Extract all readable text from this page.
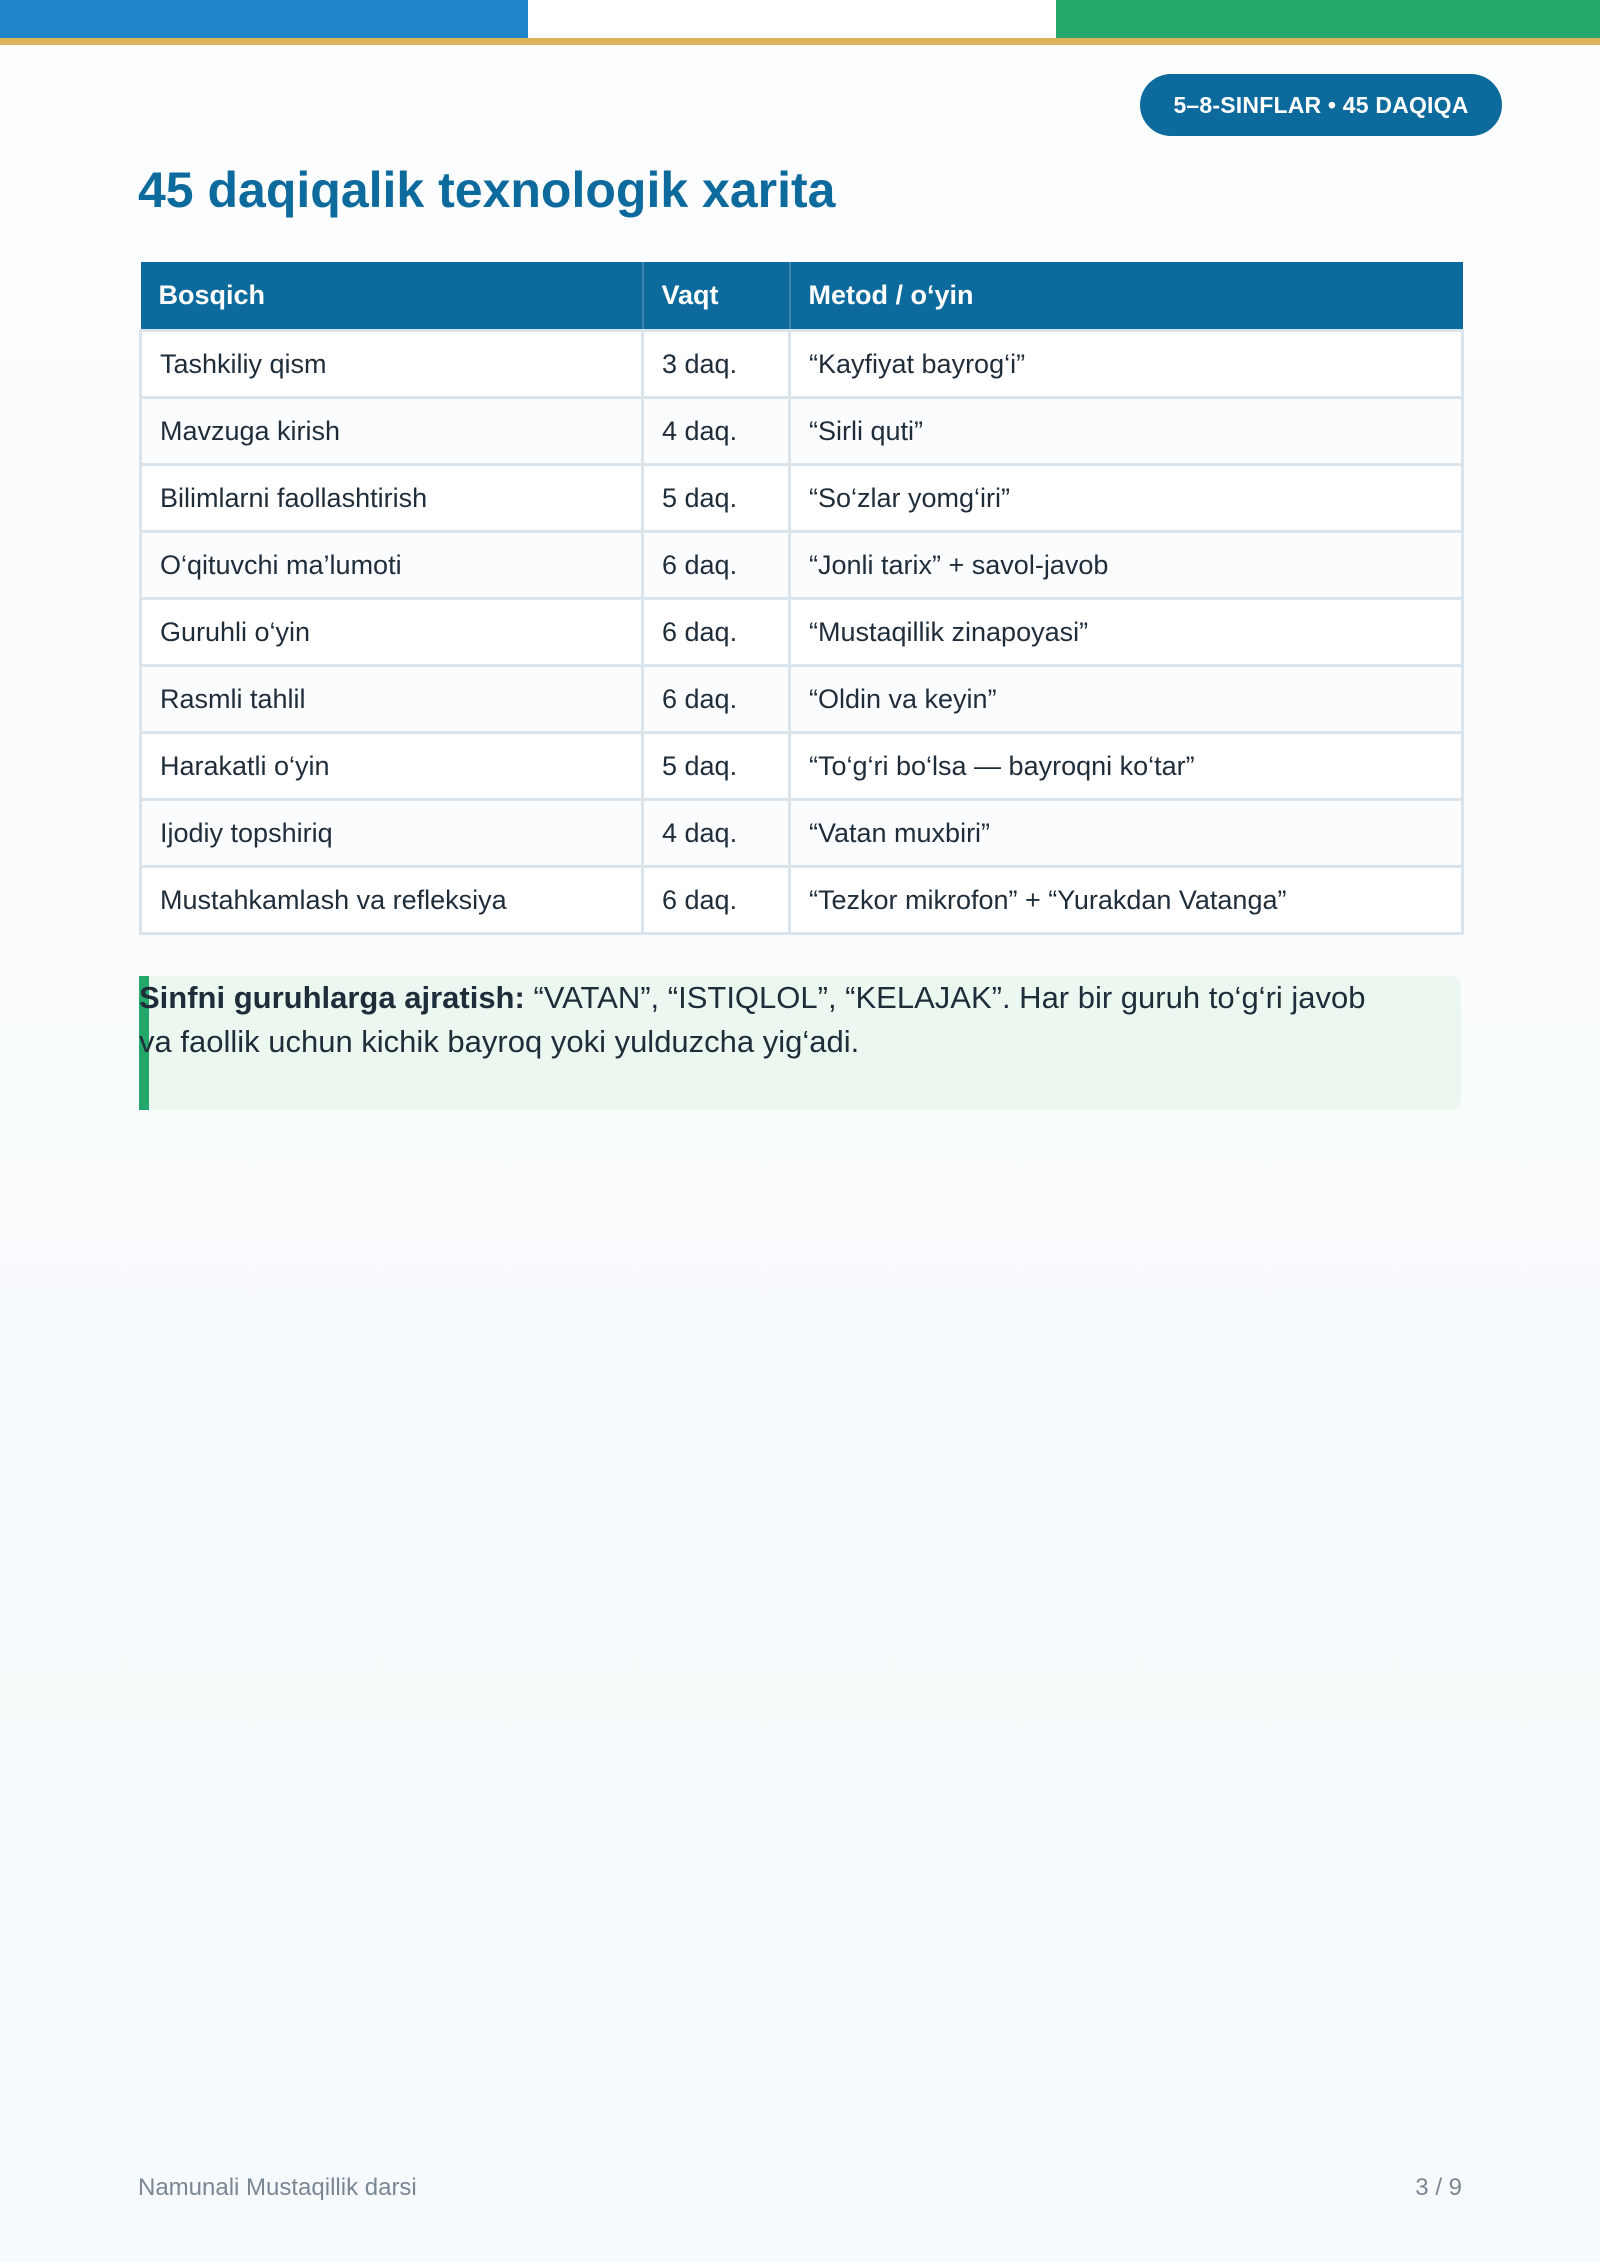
5–8-SINFLAR • 45 DAQIQA
45 daqiqalik texnologik xarita
Bosqich	Vaqt	Metod / o‘yin
Tashkiliy qism	3 daq.	“Kayfiyat bayrog‘i”
Mavzuga kirish	4 daq.	“Sirli quti”
Bilimlarni faollashtirish	5 daq.	“So‘zlar yomg‘iri”
O‘qituvchi ma’lumoti	6 daq.	“Jonli tarix” + savol-javob
Guruhli o‘yin	6 daq.	“Mustaqillik zinapoyasi”
Rasmli tahlil	6 daq.	“Oldin va keyin”
Harakatli o‘yin	5 daq.	“To‘g‘ri bo‘lsa — bayroqni ko‘tar”
Ijodiy topshiriq	4 daq.	“Vatan muxbiri”
Mustahkamlash va refleksiya	6 daq.	“Tezkor mikrofon” + “Yurakdan Vatanga”
Sinfni guruhlarga ajratish: “VATAN”, “ISTIQLOL”, “KELAJAK”. Har bir guruh to‘g‘ri javob va faollik uchun kichik bayroq yoki yulduzcha yig‘adi.
Namunali Mustaqillik darsi	3 / 9
